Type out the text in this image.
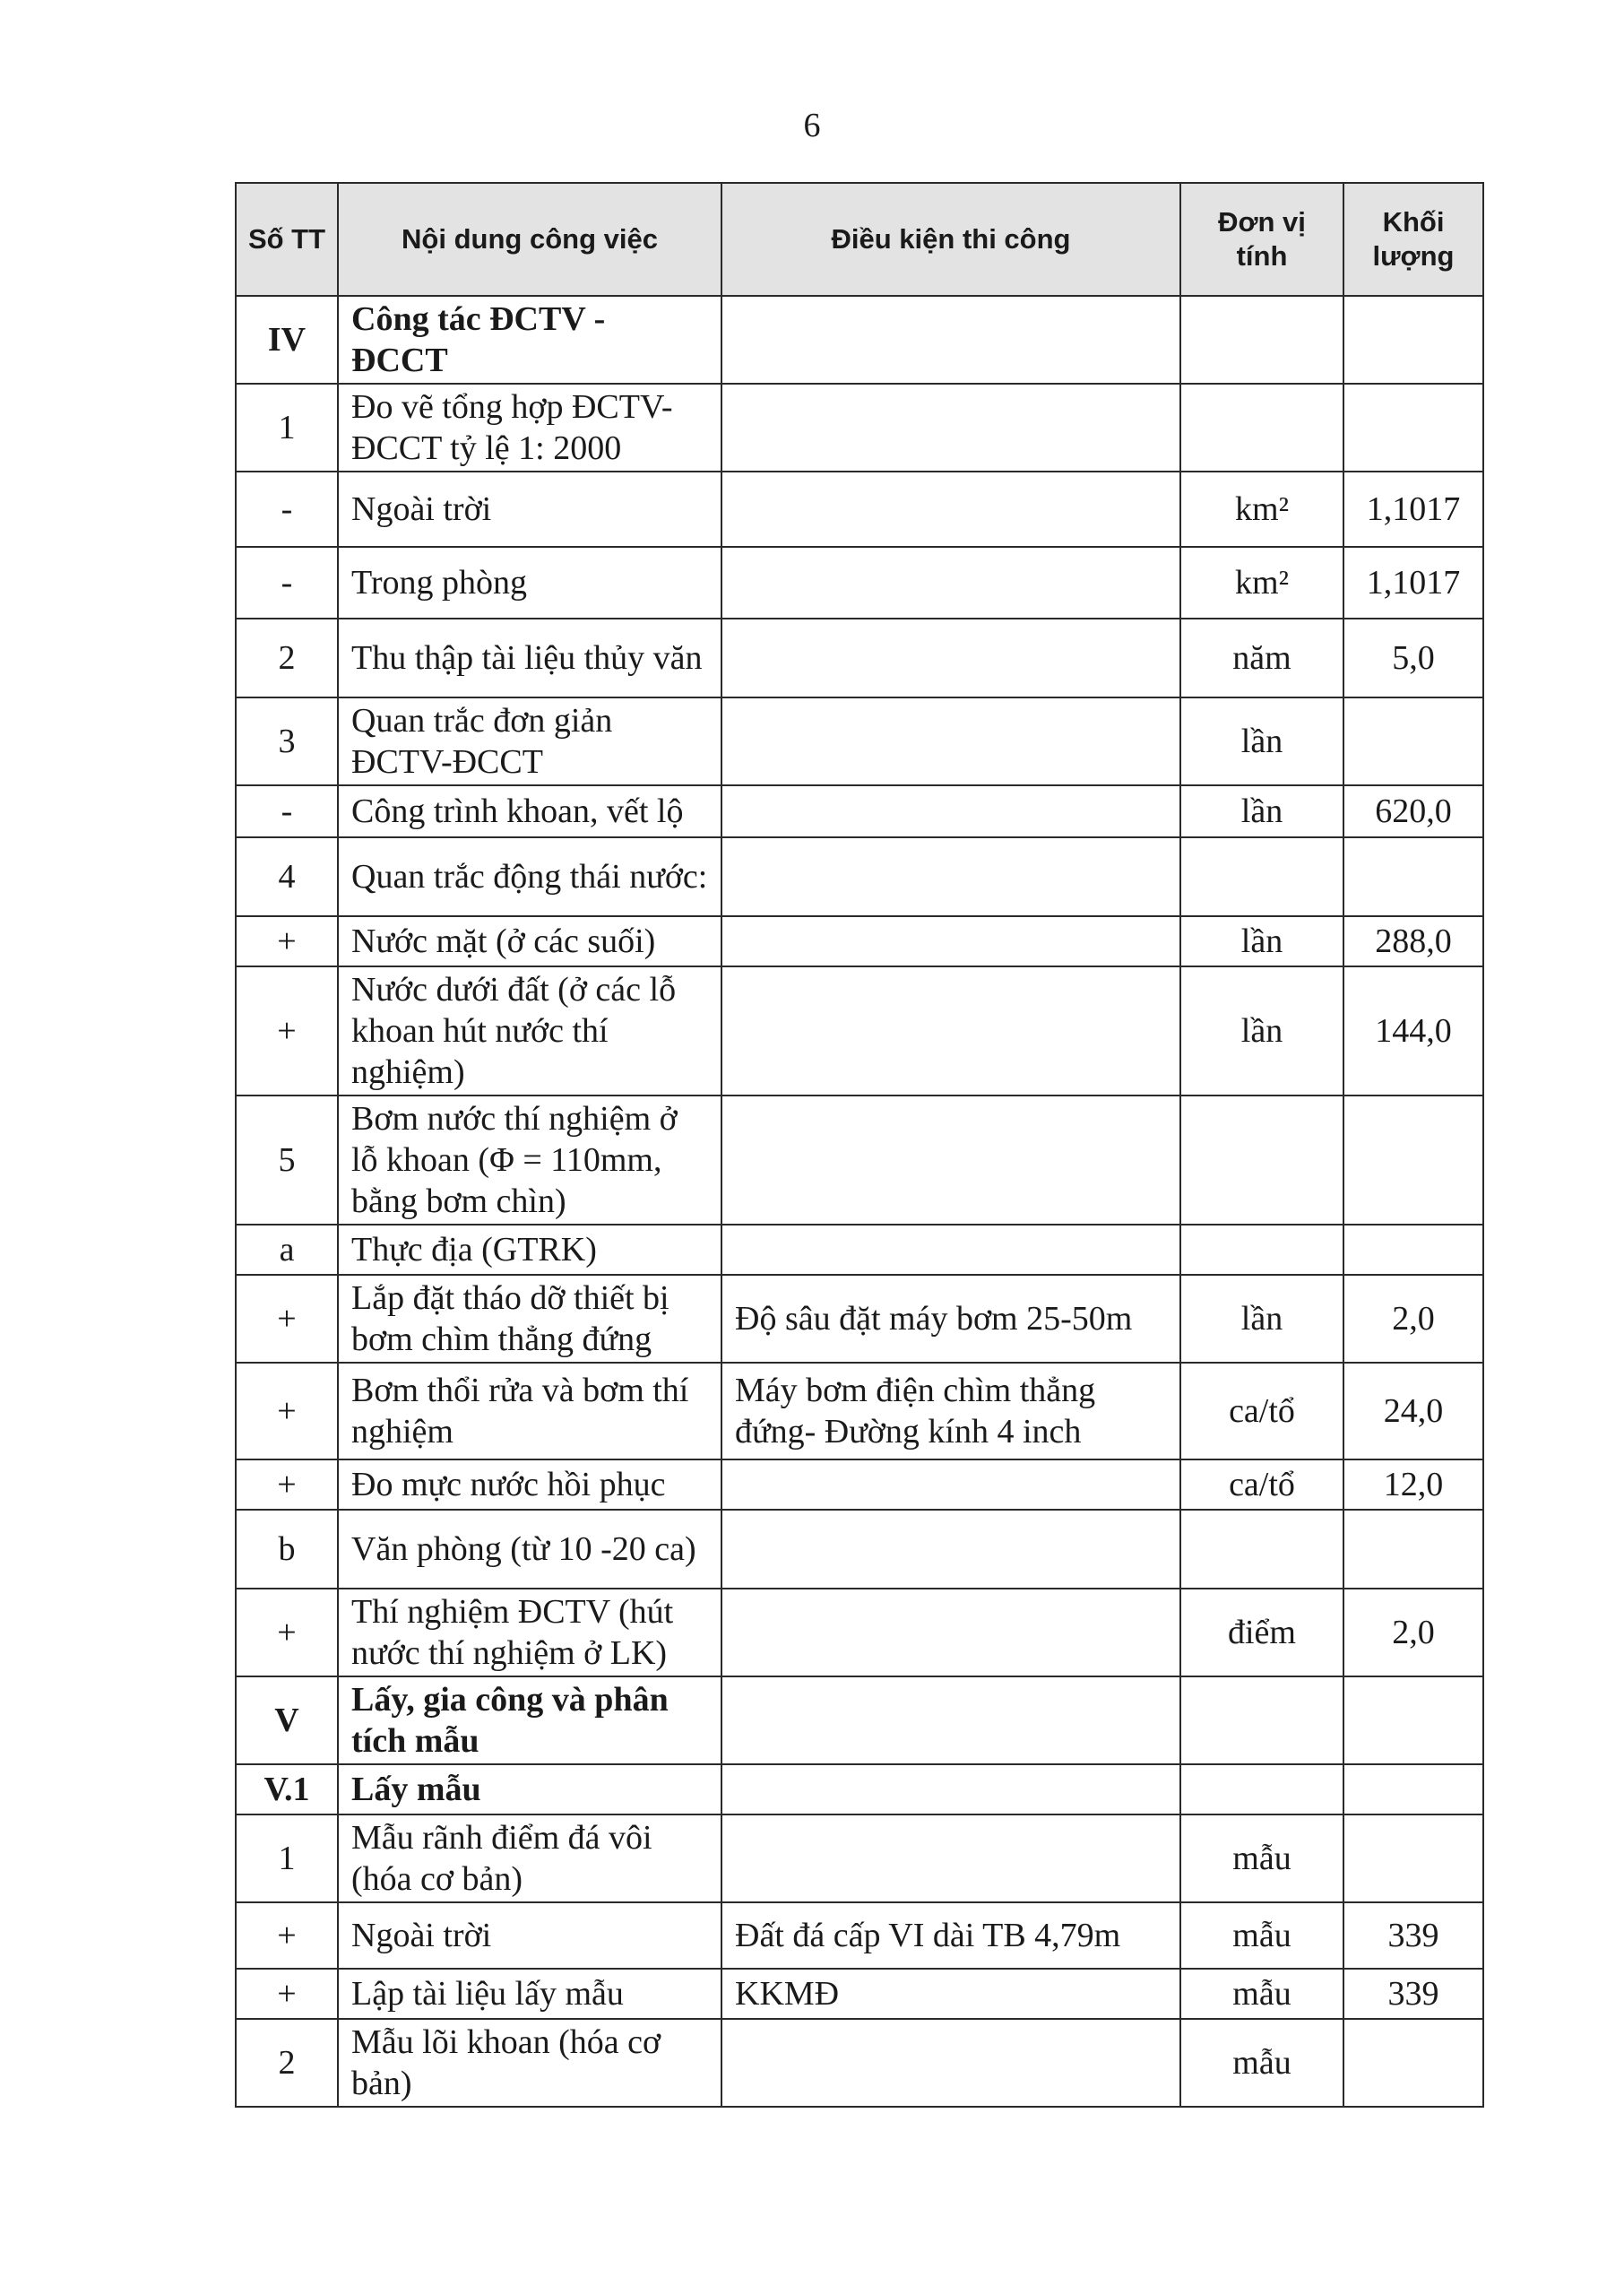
6
Số TT	Nội dung công việc	Điều kiện thi công	Đơn vị tính	Khối lượng
IV	Công tác ĐCTV - ĐCCT			
1	Đo vẽ tổng hợp ĐCTV-ĐCCT tỷ lệ 1: 2000			
-	Ngoài trời		km²	1,1017
-	Trong phòng		km²	1,1017
2	Thu thập tài liệu thủy văn		năm	5,0
3	Quan trắc đơn giản ĐCTV-ĐCCT		lần	
-	Công trình khoan, vết lộ		lần	620,0
4	Quan trắc động thái nước:			
+	Nước mặt (ở các suối)		lần	288,0
+	Nước dưới đất (ở các lỗ khoan hút nước thí nghiệm)		lần	144,0
5	Bơm nước thí nghiệm ở lỗ khoan (Φ = 110mm, bằng bơm chìn)			
a	Thực địa (GTRK)			
+	Lắp đặt tháo dỡ thiết bị bơm chìm thẳng đứng	Độ sâu đặt máy bơm 25-50m	lần	2,0
+	Bơm thổi rửa và bơm thí nghiệm	Máy bơm điện chìm thẳng đứng- Đường kính 4 inch	ca/tổ	24,0
+	Đo mực nước hồi phục		ca/tổ	12,0
b	Văn phòng (từ 10 -20 ca)			
+	Thí nghiệm ĐCTV (hút nước thí nghiệm ở LK)		điểm	2,0
V	Lấy, gia công và phân tích mẫu			
V.1	Lấy mẫu			
1	Mẫu rãnh điểm đá vôi (hóa cơ bản)		mẫu	
+	Ngoài trời	Đất đá cấp VI dài TB 4,79m	mẫu	339
+	Lập tài liệu lấy mẫu	KKMĐ	mẫu	339
2	Mẫu lõi khoan (hóa cơ bản)		mẫu	
